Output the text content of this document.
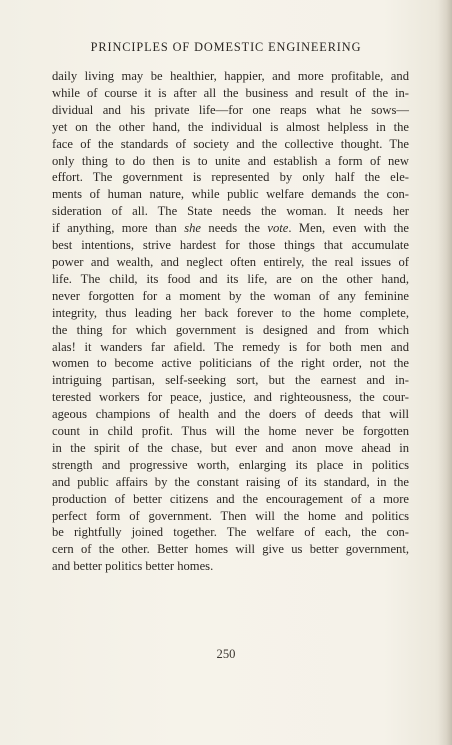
PRINCIPLES OF DOMESTIC ENGINEERING
daily living may be healthier, happier, and more profitable, and
while of course it is after all the business and result of the in-
dividual and his private life—for one reaps what he sows—
yet on the other hand, the individual is almost helpless in the
face of the standards of society and the collective thought. The
only thing to do then is to unite and establish a form of new
effort. The government is represented by only half the ele-
ments of human nature, while public welfare demands the con-
sideration of all. The State needs the woman. It needs her
if anything, more than she needs the vote. Men, even with the
best intentions, strive hardest for those things that accumulate
power and wealth, and neglect often entirely, the real issues of
life. The child, its food and its life, are on the other hand,
never forgotten for a moment by the woman of any feminine
integrity, thus leading her back forever to the home complete,
the thing for which government is designed and from which
alas! it wanders far afield. The remedy is for both men and
women to become active politicians of the right order, not the
intriguing partisan, self-seeking sort, but the earnest and in-
terested workers for peace, justice, and righteousness, the cour-
ageous champions of health and the doers of deeds that will
count in child profit. Thus will the home never be forgotten
in the spirit of the chase, but ever and anon move ahead in
strength and progressive worth, enlarging its place in politics
and public affairs by the constant raising of its standard, in the
production of better citizens and the encouragement of a more
perfect form of government. Then will the home and politics
be rightfully joined together. The welfare of each, the con-
cern of the other. Better homes will give us better government,
and better politics better homes.
250
